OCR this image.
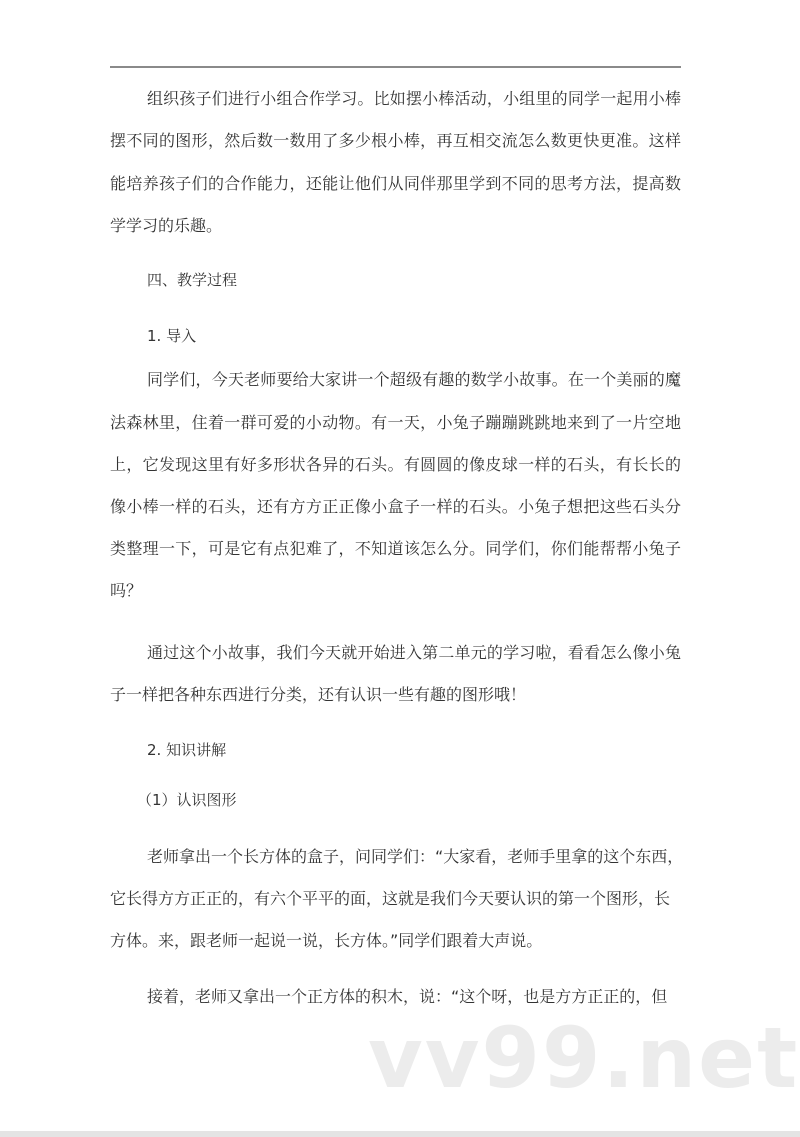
组织孩子们进行小组合作学习。比如摆小棒活动，小组里的同学一起用小棒
摆不同的图形，然后数一数用了多少根小棒，再互相交流怎么数更快更准。这样
能培养孩子们的合作能力，还能让他们从同伴那里学到不同的思考方法，提高数
学学习的乐趣。
四、教学过程
1. 导入
同学们，今天老师要给大家讲一个超级有趣的数学小故事。在一个美丽的魔
法森林里，住着一群可爱的小动物。有一天，小兔子蹦蹦跳跳地来到了一片空地
上，它发现这里有好多形状各异的石头。有圆圆的像皮球一样的石头，有长长的
像小棒一样的石头，还有方方正正像小盒子一样的石头。小兔子想把这些石头分
类整理一下，可是它有点犯难了，不知道该怎么分。同学们，你们能帮帮小兔子
吗？
通过这个小故事，我们今天就开始进入第二单元的学习啦，看看怎么像小兔
子一样把各种东西进行分类，还有认识一些有趣的图形哦！
2. 知识讲解
（1）认识图形
老师拿出一个长方体的盒子，问同学们：“大家看，老师手里拿的这个东西，
它长得方方正正的，有六个平平的面，这就是我们今天要认识的第一个图形，长
方体。来，跟老师一起说一说，长方体。”同学们跟着大声说。
接着，老师又拿出一个正方体的积木，说：“这个呀，也是方方正正的，但
vv99.net
